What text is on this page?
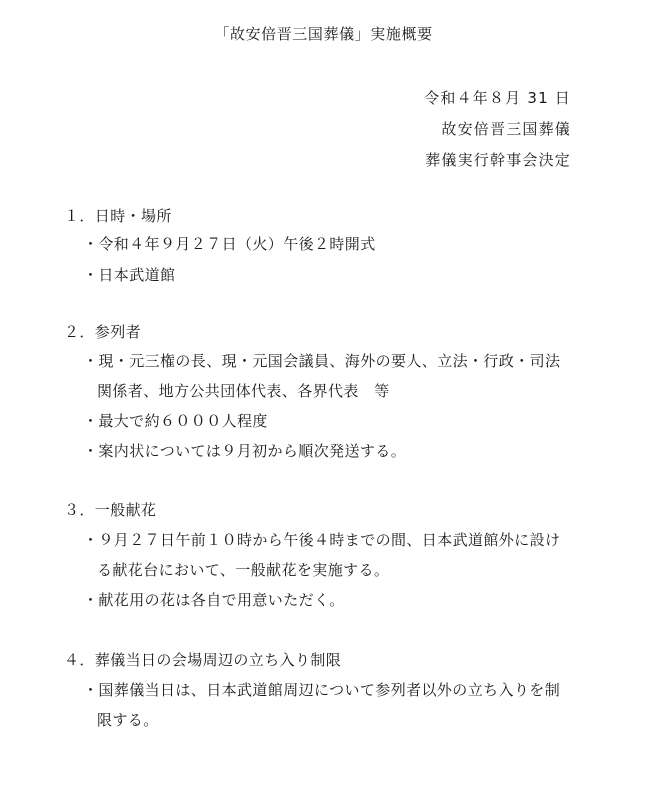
「故安倍晋三国葬儀」実施概要
令和４年８月 31 日
故安倍晋三国葬儀
葬儀実行幹事会決定
１．日時・場所
・令和４年９月２７日（火）午後２時開式
・日本武道館
２．参列者
・現・元三権の長、現・元国会議員、海外の要人、立法・行政・司法
関係者、地方公共団体代表、各界代表　等
・最大で約６０００人程度
・案内状については９月初から順次発送する。
３．一般献花
・９月２７日午前１０時から午後４時までの間、日本武道館外に設け
る献花台において、一般献花を実施する。
・献花用の花は各自で用意いただく。
４．葬儀当日の会場周辺の立ち入り制限
・国葬儀当日は、日本武道館周辺について参列者以外の立ち入りを制
限する。
